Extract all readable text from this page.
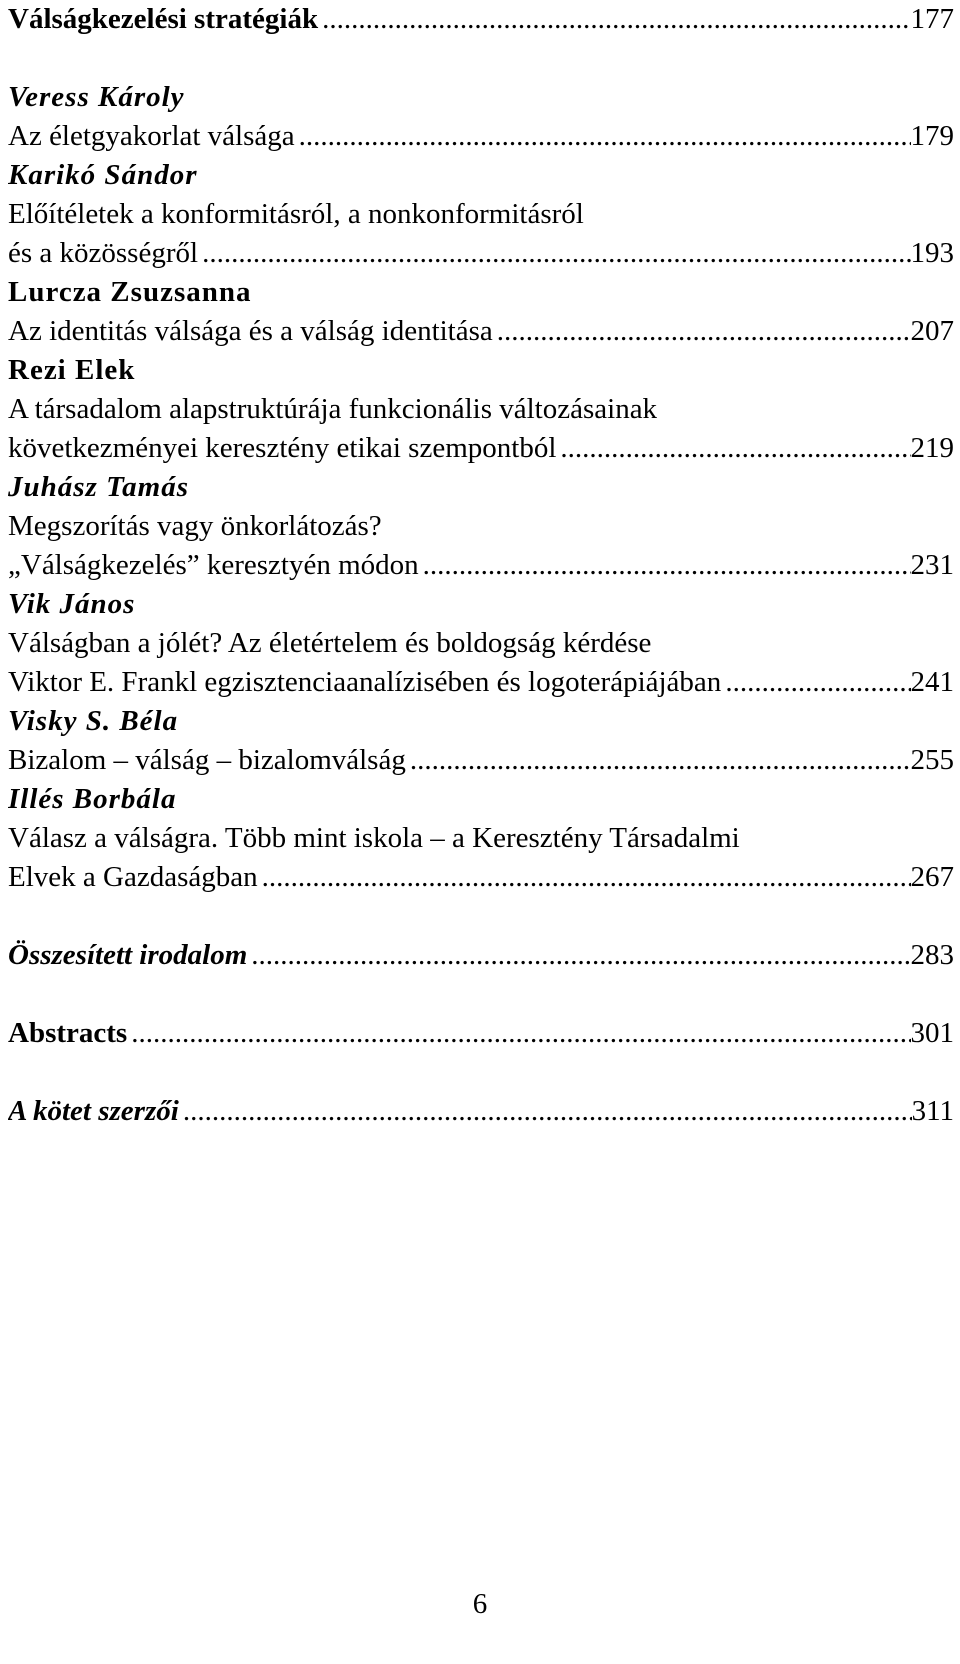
Válságkezelési stratégiák .....	177
Veress Károly
Az életgyakorlat válsága .....	179
Karikó Sándor
Előítéletek a konformitásról, a nonkonformitásról
és a közösségről .....	193
Lurcza Zsuzsanna
Az identitás válsága és a válság identitása .....	207
Rezi Elek
A társadalom alapstruktúrája funkcionális változásainak
következményei keresztény etikai szempontból .....	219
Juhász Tamás
Megszorítás vagy önkorlátozás?
„Válságkezelés” keresztyén módon .....	231
Vik János
Válságban a jólét? Az életértelem és boldogság kérdése
Viktor E. Frankl egzisztenciaanalízisében és logoterápiájában .....	241
Visky S. Béla
Bizalom – válság – bizalomválság .....	255
Illés Borbála
Válasz a válságra. Több mint iskola – a Keresztény Társadalmi
Elvek a Gazdaságban .....	267
Összesített irodalom .....	283
Abstracts .....	301
A kötet szerzői .....	311
6
